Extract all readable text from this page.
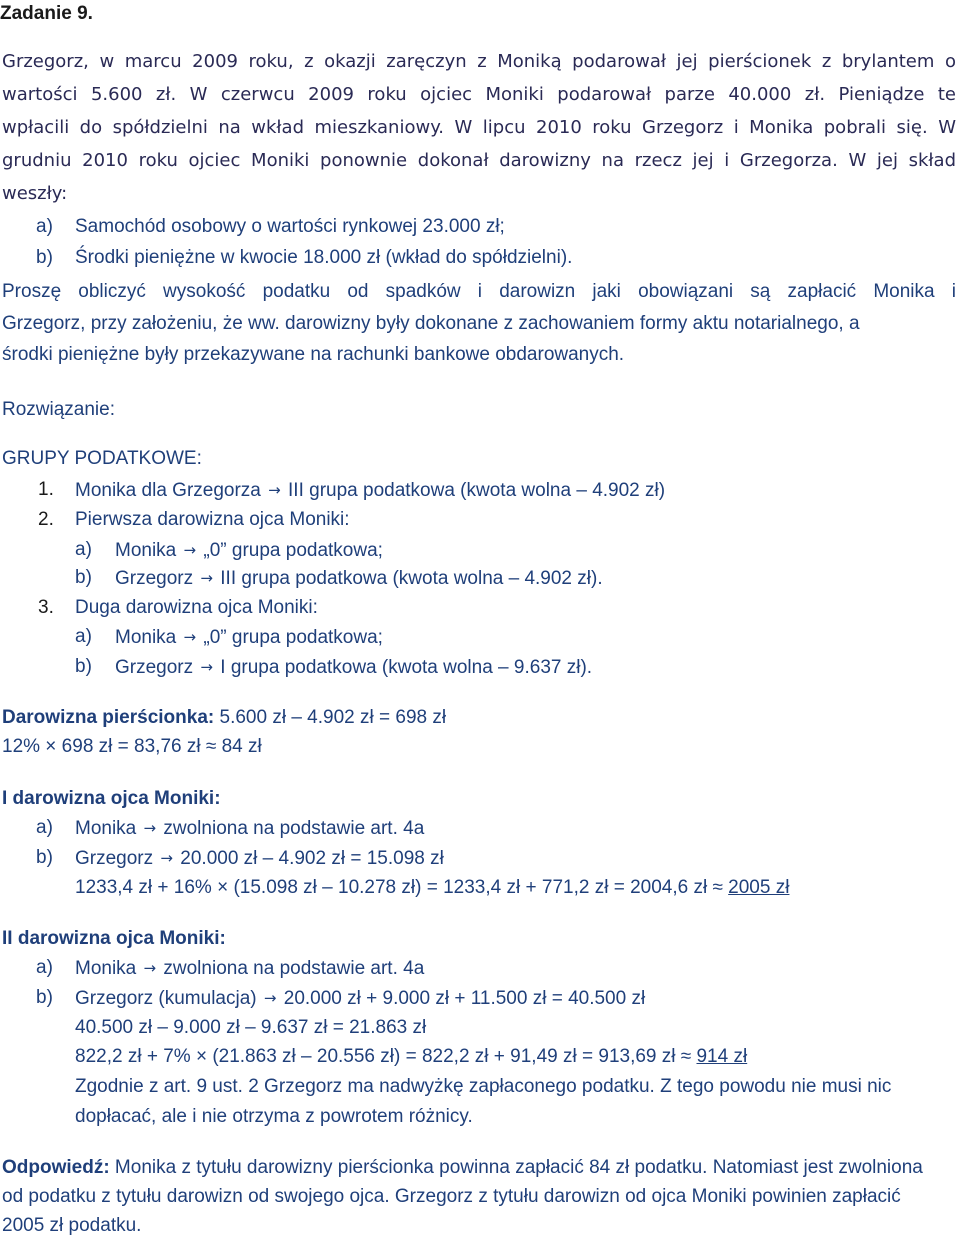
Zadanie 9.
Grzegorz, w marcu 2009 roku, z okazji zaręczyn z Moniką podarował jej pierścionek z brylantem o
wartości 5.600 zł. W czerwcu 2009 roku ojciec Moniki podarował parze 40.000 zł. Pieniądze te
wpłacili do spółdzielni na wkład mieszkaniowy. W lipcu 2010 roku Grzegorz i Monika pobrali się. W
grudniu 2010 roku ojciec Moniki ponownie dokonał darowizny na rzecz jej i Grzegorza. W jej skład
weszły:
a) Samochód osobowy o wartości rynkowej 23.000 zł;
b) Środki pieniężne w kwocie 18.000 zł (wkład do spółdzielni).
Proszę obliczyć wysokość podatku od spadków i darowizn jaki obowiązani są zapłacić Monika i
Grzegorz, przy założeniu, że ww. darowizny były dokonane z zachowaniem formy aktu notarialnego, a
środki pieniężne były przekazywane na rachunki bankowe obdarowanych.
Rozwiązanie:
GRUPY PODATKOWE:
1. Monika dla Grzegorza → III grupa podatkowa (kwota wolna – 4.902 zł)
2. Pierwsza darowizna ojca Moniki:
a) Monika → „0” grupa podatkowa;
b) Grzegorz → III grupa podatkowa (kwota wolna – 4.902 zł).
3. Duga darowizna ojca Moniki:
a) Monika → „0” grupa podatkowa;
b) Grzegorz → I grupa podatkowa (kwota wolna – 9.637 zł).
Darowizna pierścionka: 5.600 zł – 4.902 zł = 698 zł
12% × 698 zł = 83,76 zł ≈ 84 zł
I darowizna ojca Moniki:
a) Monika → zwolniona na podstawie art. 4a
b) Grzegorz → 20.000 zł – 4.902 zł = 15.098 zł
1233,4 zł + 16% × (15.098 zł – 10.278 zł) = 1233,4 zł + 771,2 zł = 2004,6 zł ≈ 2005 zł
II darowizna ojca Moniki:
a) Monika → zwolniona na podstawie art. 4a
b) Grzegorz (kumulacja) → 20.000 zł + 9.000 zł + 11.500 zł = 40.500 zł
40.500 zł – 9.000 zł – 9.637 zł = 21.863 zł
822,2 zł + 7% × (21.863 zł – 20.556 zł) = 822,2 zł + 91,49 zł = 913,69 zł ≈ 914 zł
Zgodnie z art. 9 ust. 2 Grzegorz ma nadwyżkę zapłaconego podatku. Z tego powodu nie musi nic
dopłacać, ale i nie otrzyma z powrotem różnicy.
Odpowiedź: Monika z tytułu darowizny pierścionka powinna zapłacić 84 zł podatku. Natomiast jest zwolniona
od podatku z tytułu darowizn od swojego ojca. Grzegorz z tytułu darowizn od ojca Moniki powinien zapłacić
2005 zł podatku.
